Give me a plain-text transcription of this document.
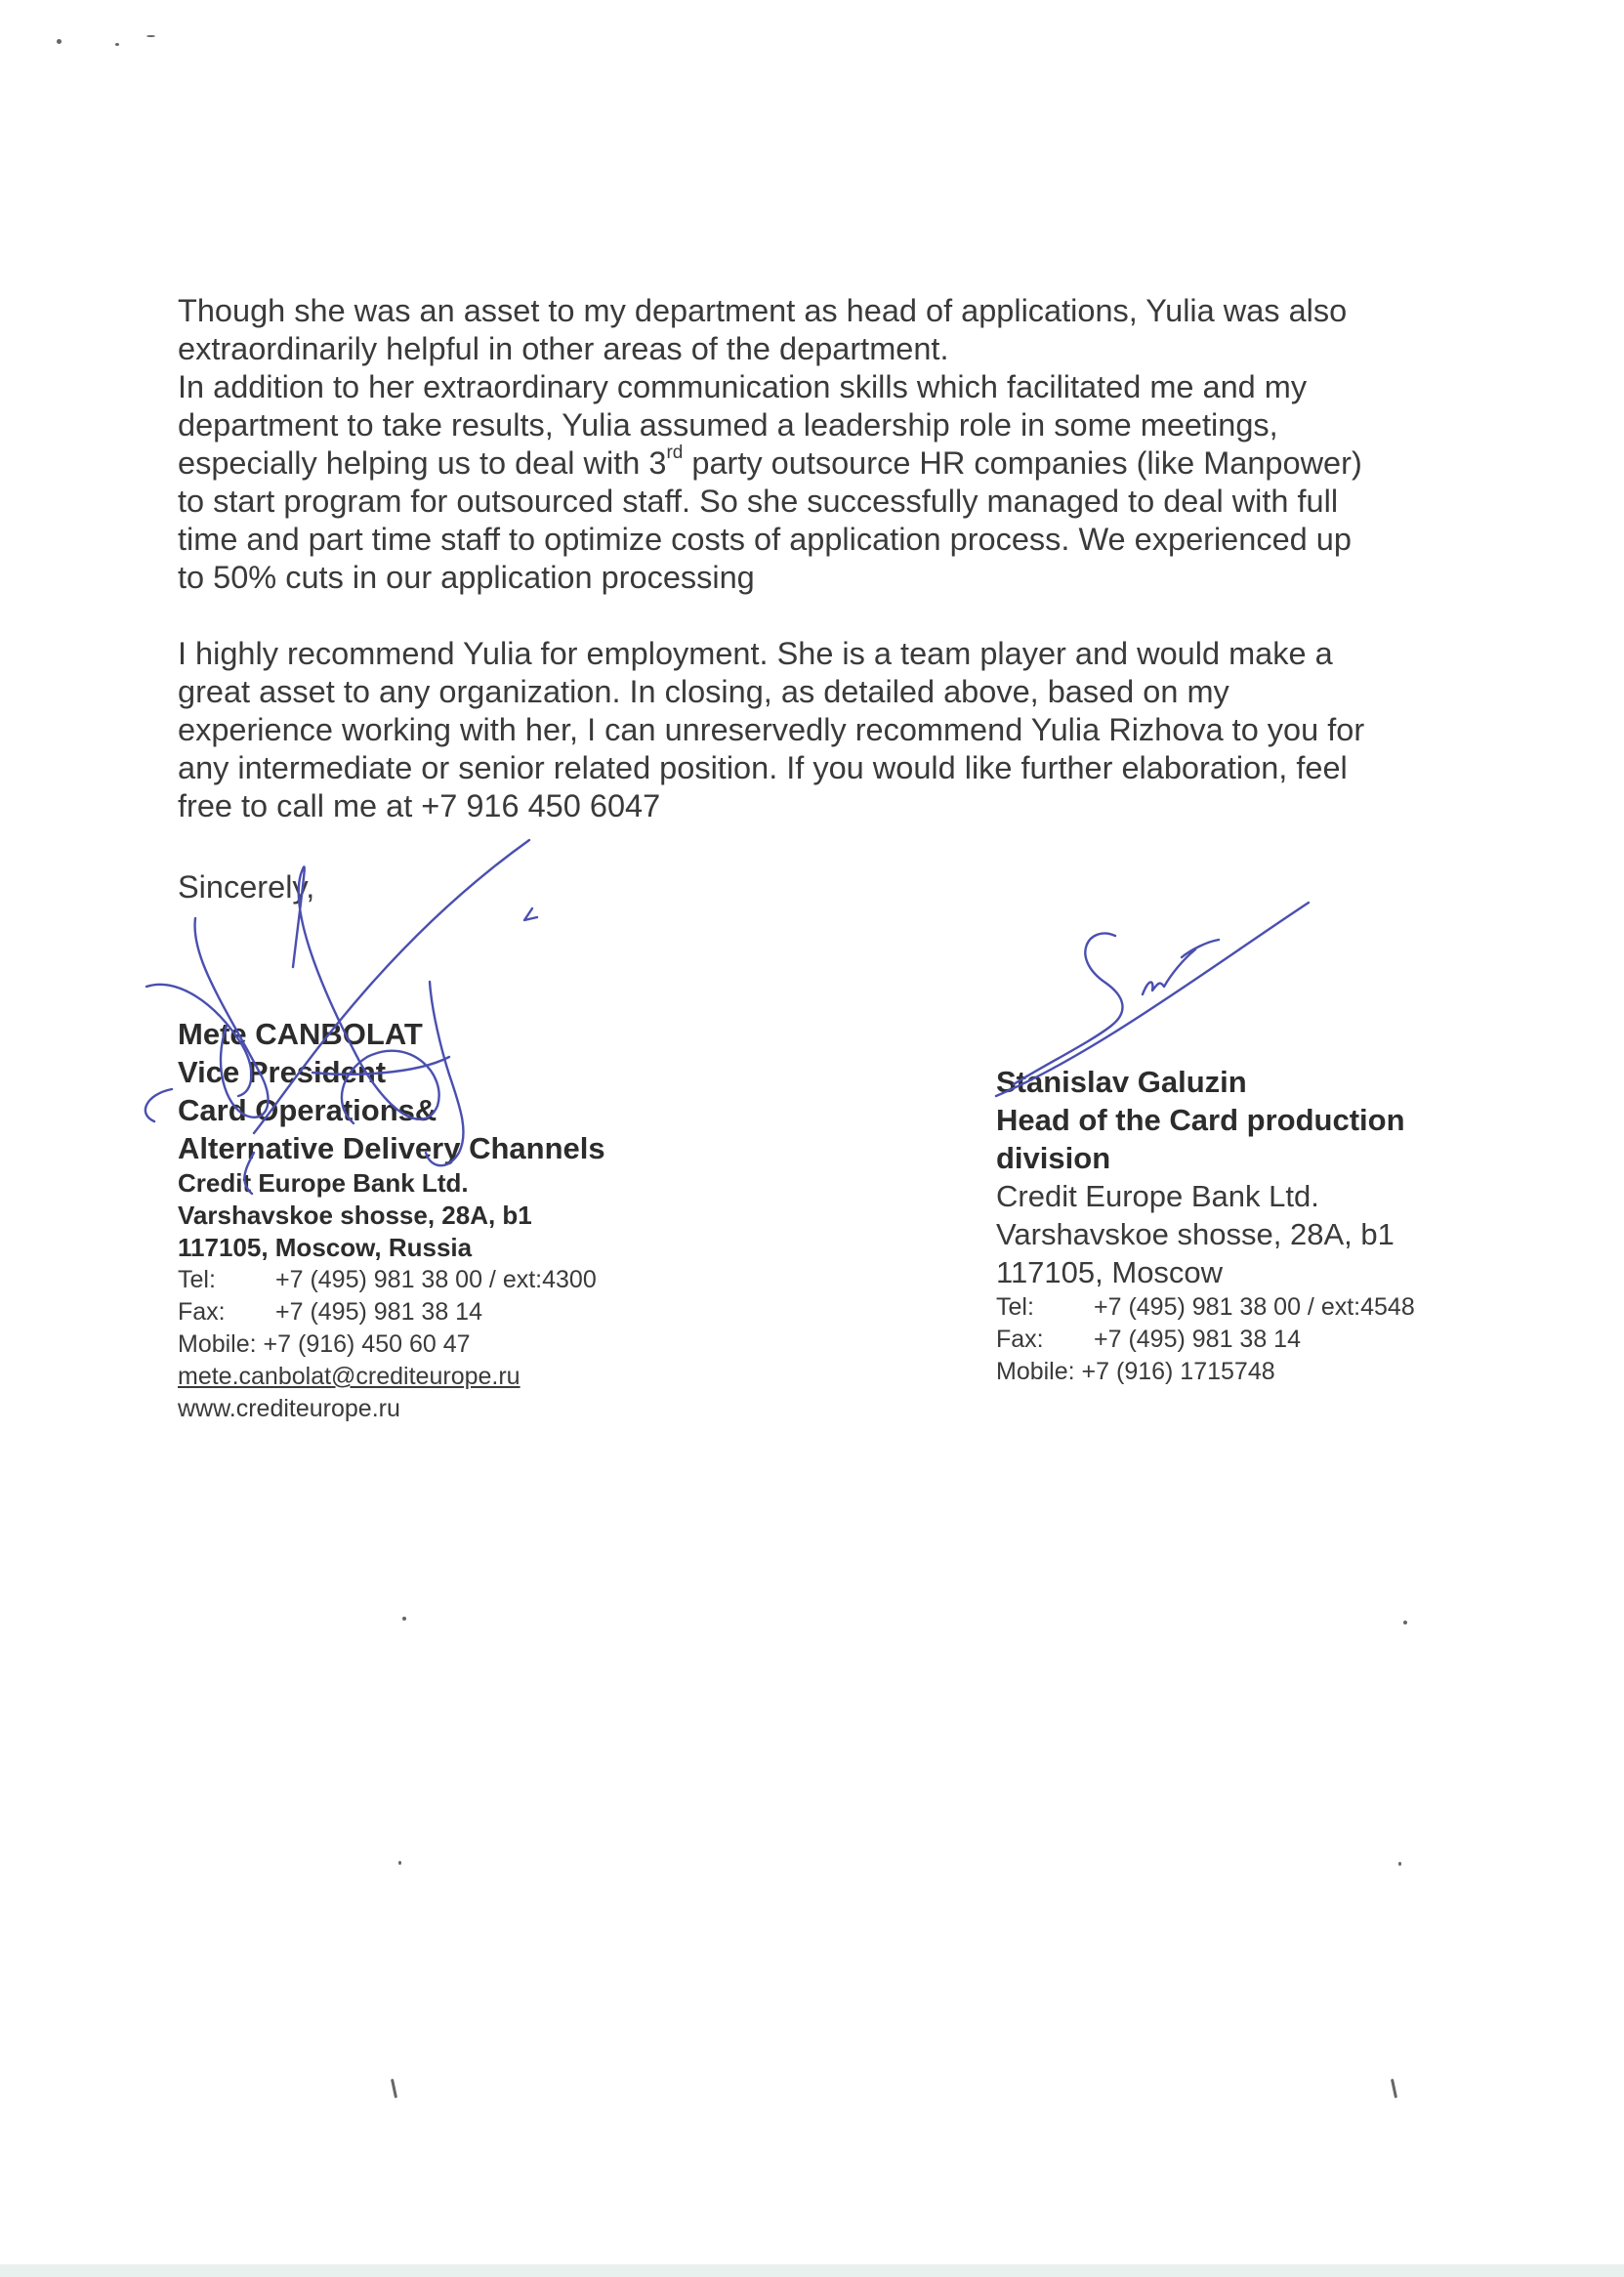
Though she was an asset to my department as head of applications, Yulia was also
extraordinarily helpful in other areas of the department.

In addition to her extraordinary communication skills which facilitated me and my
department to take results, Yulia assumed a leadership role in some meetings,
especially helping us to deal with 3rd party outsource HR companies (like Manpower)
to start program for outsourced staff. So she successfully managed to deal with full
time and part time staff to optimize costs of application process. We experienced up
to 50% cuts in our application processing

I highly recommend Yulia for employment. She is a team player and would make a
great asset to any organization. In closing, as detailed above, based on my
experience working with her, I can unreservedly recommend Yulia Rizhova to you for
any intermediate or senior related position. If you would like further elaboration, feel
free to call me at +7 916 450 6047

Sincerely,
Mete CANBOLAT
Vice President
Card Operations&
Alternative Delivery Channels
Credit Europe Bank Ltd.
Varshavskoe shosse, 28A, b1
117105, Moscow, Russia
Tel: +7 (495) 981 38 00 / ext:4300
Fax: +7 (495) 981 38 14
Mobile: +7 (916) 450 60 47
mete.canbolat@crediteurope.ru
www.crediteurope.ru
Stanislav Galuzin
Head of the Card production
division
Credit Europe Bank Ltd.
Varshavskoe shosse, 28A, b1
117105, Moscow
Tel: +7 (495) 981 38 00 / ext:4548
Fax: +7 (495) 981 38 14
Mobile: +7 (916) 1715748
